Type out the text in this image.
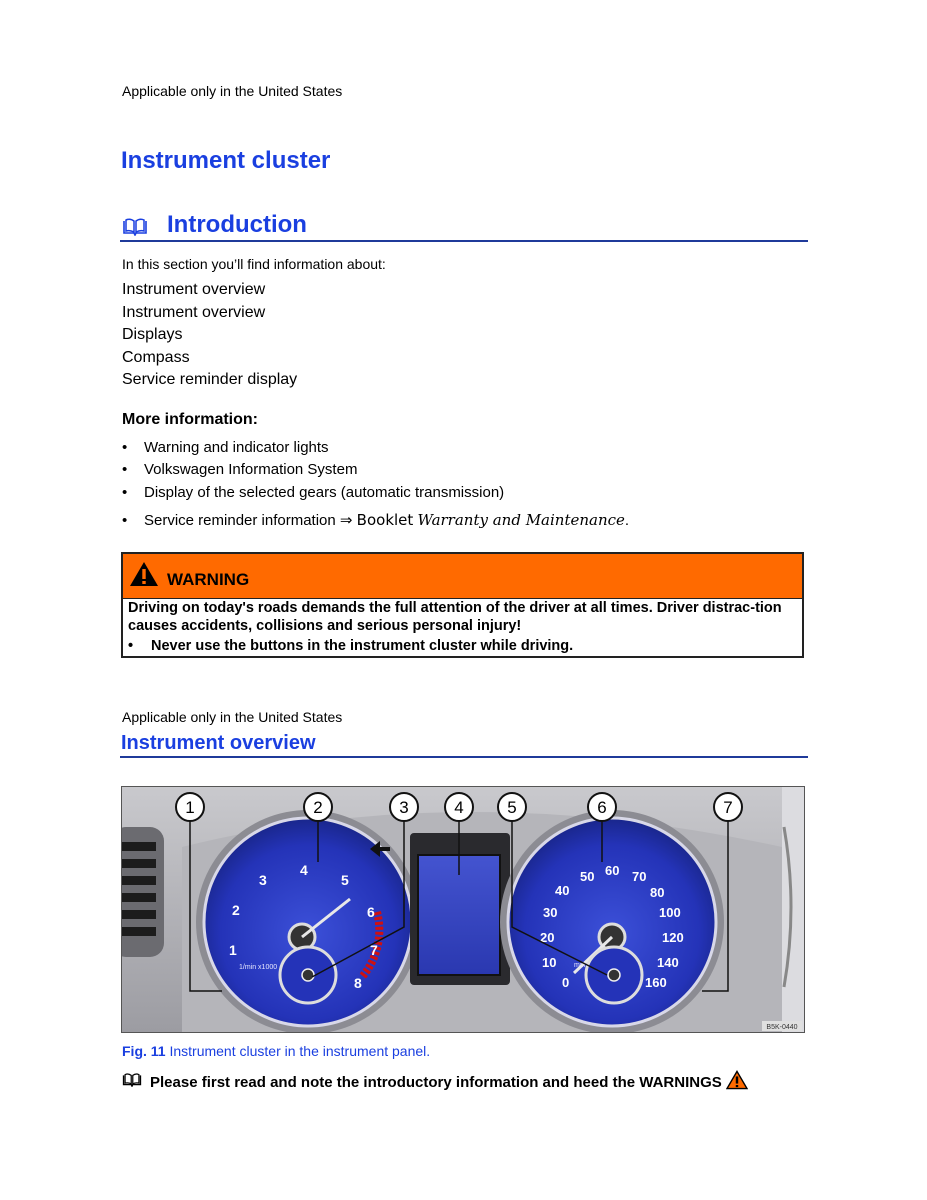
Applicable only in the United States
Instrument cluster
Introduction
In this section you’ll find information about:
Instrument overview
Instrument overview
Displays
Compass
Service reminder display
More information:
•	Warning and indicator lights
•	Volkswagen Information System
•	Display of the selected gears (automatic transmission)
•	Service reminder information
⇒
Booklet
Warranty and Maintenance .
WARNING
Driving on today's roads demands the full attention of the driver at all times. Driver distrac-tion causes accidents, collisions and serious personal injury!
•	Never use the buttons in the instrument cluster while driving.
Applicable only in the United States
Instrument overview
1
2
3
4
5
6
7
8
1/min x1000
0
10
20
30
40
50 60 70
80
100
120
140
160
mph
1	2	3	4	5	6	7
B5K-0440
Fig. 11 Instrument cluster in the instrument panel.
Please first read and note the introductory information and heed the WARNINGS
